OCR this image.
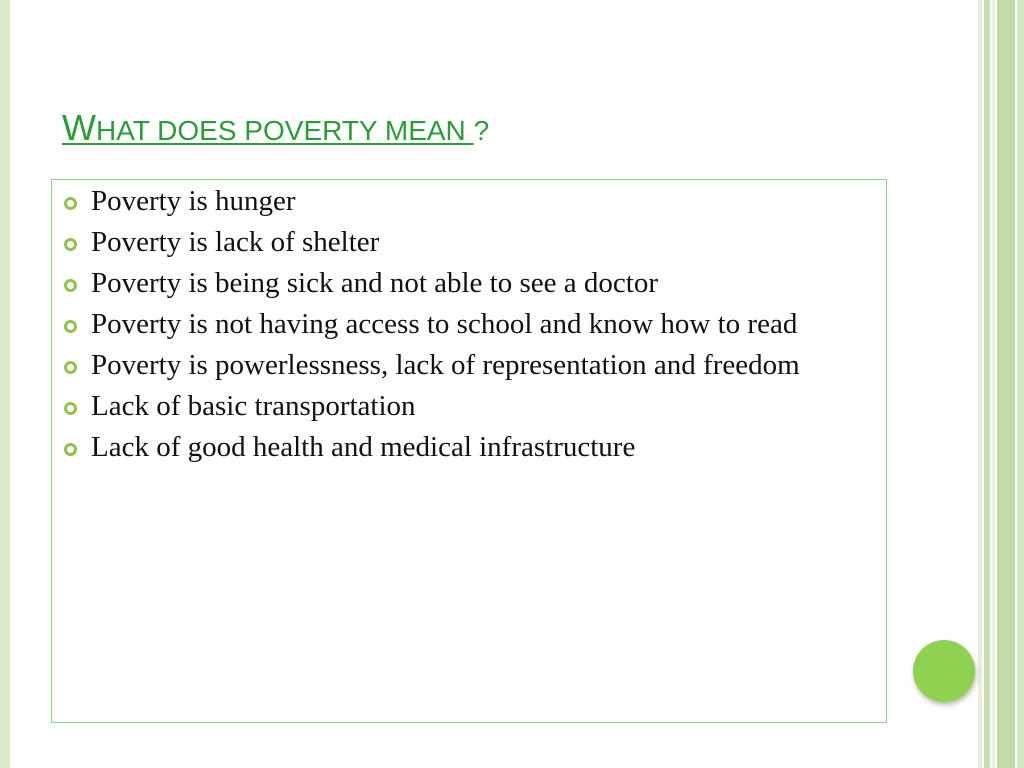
WHAT DOES POVERTY MEAN ?
Poverty is hunger
Poverty is lack of shelter
Poverty is being sick and not able to see a doctor
Poverty is not having access to school and know how to read
Poverty is powerlessness, lack of representation and freedom
Lack of basic transportation
Lack of good health and medical infrastructure
